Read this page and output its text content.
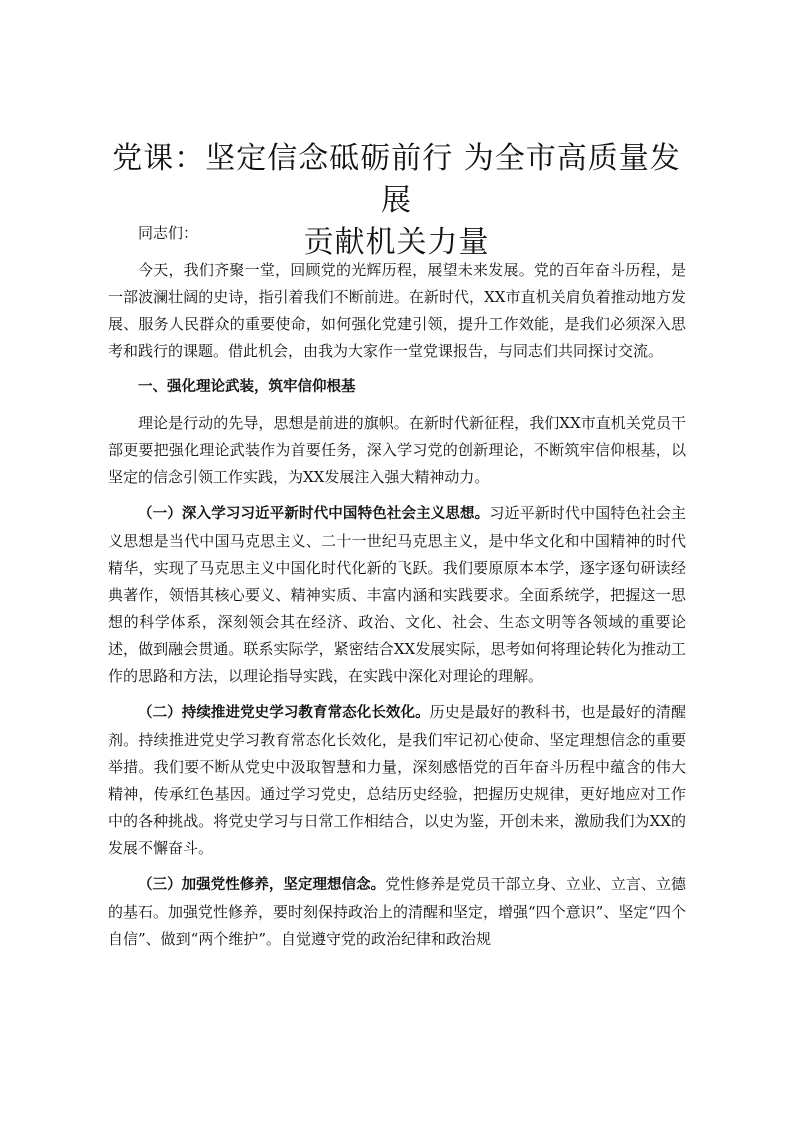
党课：坚定信念砥砺前行 为全市高质量发展
贡献机关力量

同志们：

今天，我们齐聚一堂，回顾党的光辉历程，展望未来发展。党的百年奋斗历程，是一部波澜壮阔的史诗，指引着我们不断前进。在新时代，XX市直机关肩负着推动地方发展、服务人民群众的重要使命，如何强化党建引领，提升工作效能，是我们必须深入思考和践行的课题。借此机会，由我为大家作一堂党课报告，与同志们共同探讨交流。

一、强化理论武装，筑牢信仰根基

理论是行动的先导，思想是前进的旗帜。在新时代新征程，我们XX市直机关党员干部更要把强化理论武装作为首要任务，深入学习党的创新理论，不断筑牢信仰根基，以坚定的信念引领工作实践，为XX发展注入强大精神动力。

（一）深入学习习近平新时代中国特色社会主义思想。习近平新时代中国特色社会主义思想是当代中国马克思主义、二十一世纪马克思主义，是中华文化和中国精神的时代精华，实现了马克思主义中国化时代化新的飞跃。我们要原原本本学，逐字逐句研读经典著作，领悟其核心要义、精神实质、丰富内涵和实践要求。全面系统学，把握这一思想的科学体系，深刻领会其在经济、政治、文化、社会、生态文明等各领域的重要论述，做到融会贯通。联系实际学，紧密结合XX发展实际，思考如何将理论转化为推动工作的思路和方法，以理论指导实践，在实践中深化对理论的理解。

（二）持续推进党史学习教育常态化长效化。历史是最好的教科书，也是最好的清醒剂。持续推进党史学习教育常态化长效化，是我们牢记初心使命、坚定理想信念的重要举措。我们要不断从党史中汲取智慧和力量，深刻感悟党的百年奋斗历程中蕴含的伟大精神，传承红色基因。通过学习党史，总结历史经验，把握历史规律，更好地应对工作中的各种挑战。将党史学习与日常工作相结合，以史为鉴，开创未来，激励我们为XX的发展不懈奋斗。

（三）加强党性修养，坚定理想信念。党性修养是党员干部立身、立业、立言、立德的基石。加强党性修养，要时刻保持政治上的清醒和坚定，增强“四个意识”、坚定“四个自信”、做到“两个维护”。自觉遵守党的政治纪律和政治规
